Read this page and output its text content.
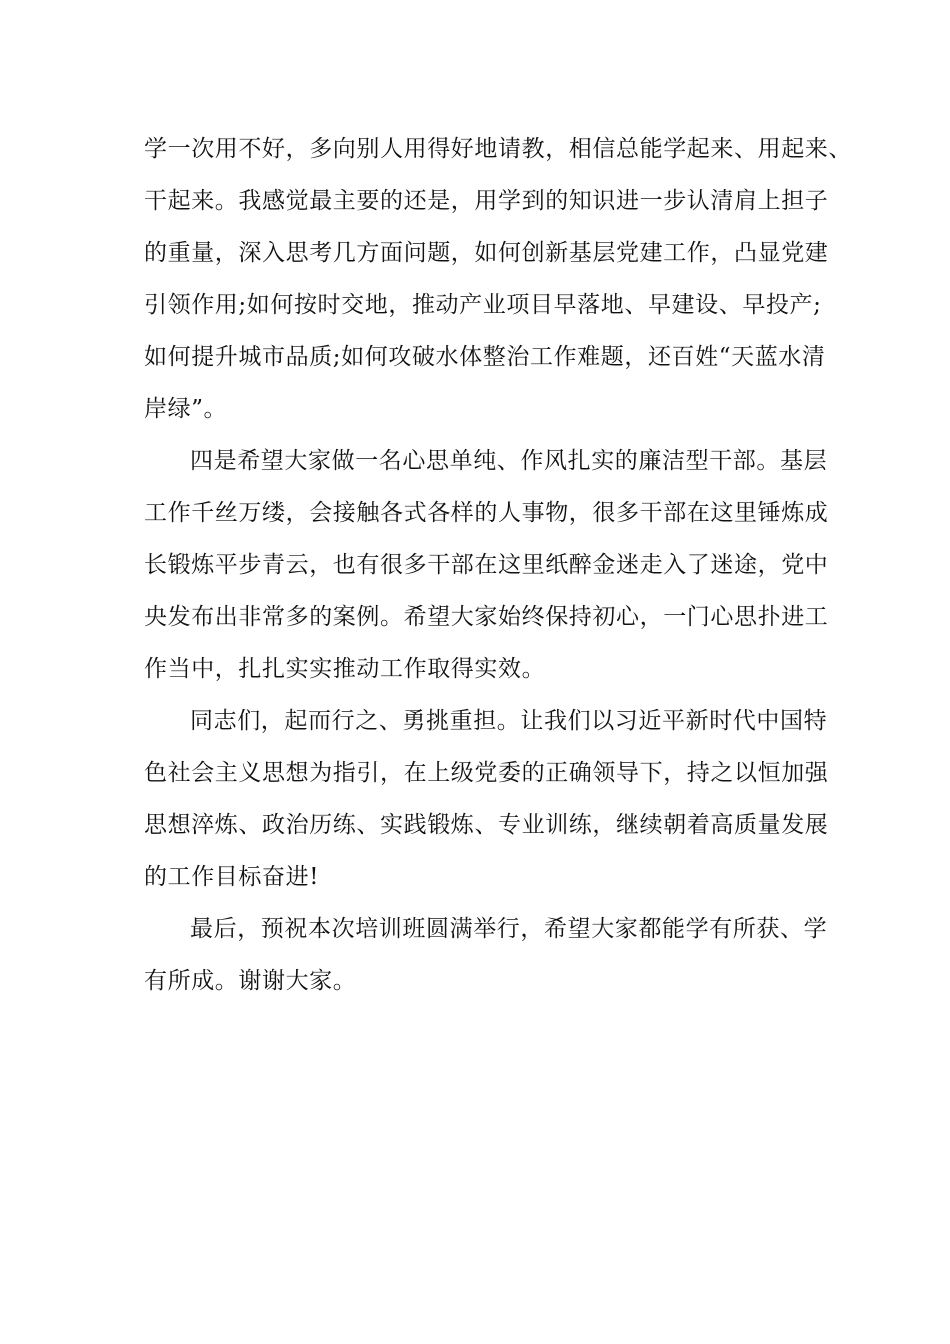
学一次用不好，多向别人用得好地请教，相信总能学起来、用起来、
干起来。我感觉最主要的还是，用学到的知识进一步认清肩上担子
的重量，深入思考几方面问题，如何创新基层党建工作，凸显党建
引领作用;如何按时交地，推动产业项目早落地、早建设、早投产;
如何提升城市品质;如何攻破水体整治工作难题，还百姓“天蓝水清
岸绿”。
四是希望大家做一名心思单纯、作风扎实的廉洁型干部。基层
工作千丝万缕，会接触各式各样的人事物，很多干部在这里锤炼成
长锻炼平步青云，也有很多干部在这里纸醉金迷走入了迷途，党中
央发布出非常多的案例。希望大家始终保持初心，一门心思扑进工
作当中，扎扎实实推动工作取得实效。
同志们，起而行之、勇挑重担。让我们以习近平新时代中国特
色社会主义思想为指引，在上级党委的正确领导下，持之以恒加强
思想淬炼、政治历练、实践锻炼、专业训练，继续朝着高质量发展
的工作目标奋进!
最后，预祝本次培训班圆满举行，希望大家都能学有所获、学
有所成。谢谢大家。
